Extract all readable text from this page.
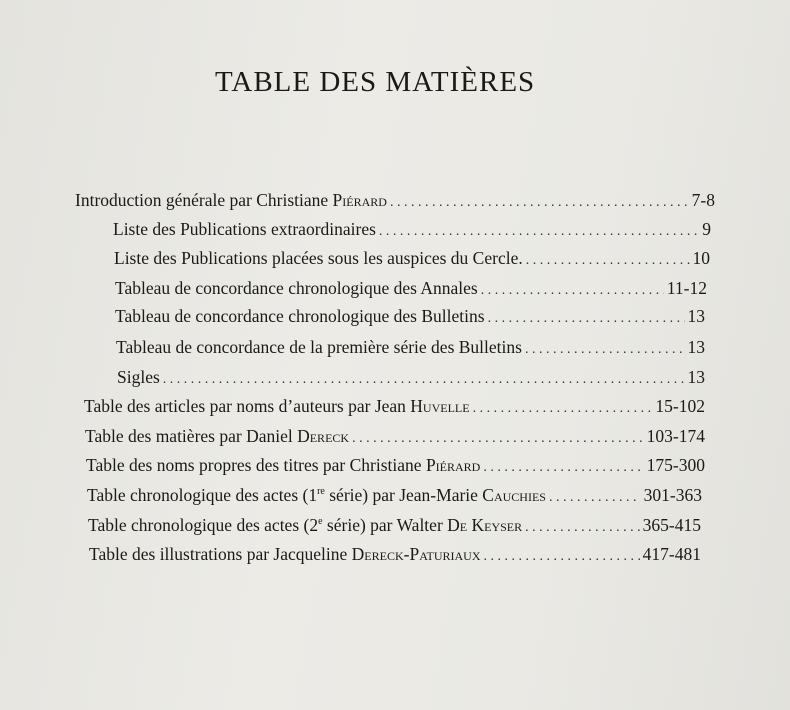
TABLE DES MATIÈRES
Introduction générale par Christiane Piérard . . .	7-8
Liste des Publications extraordinaires . . .	9
Liste des Publications placées sous les auspices du Cercle. . . .	10
Tableau de concordance chronologique des Annales . . .	11-12
Tableau de concordance chronologique des Bulletins . . .	13
Tableau de concordance de la première série des Bulletins . . .	13
Sigles . . .	13
Table des articles par noms d’auteurs par Jean Huvelle . . .	15-102
Table des matières par Daniel Dereck . . .	103-174
Table des noms propres des titres par Christiane Piérard . . .	175-300
Table chronologique des actes (1re série) par Jean-Marie Cauchies . . .	301-363
Table chronologique des actes (2e série) par Walter De Keyser . . .	365-415
Table des illustrations par Jacqueline Dereck-Paturiaux . . .	417-481
